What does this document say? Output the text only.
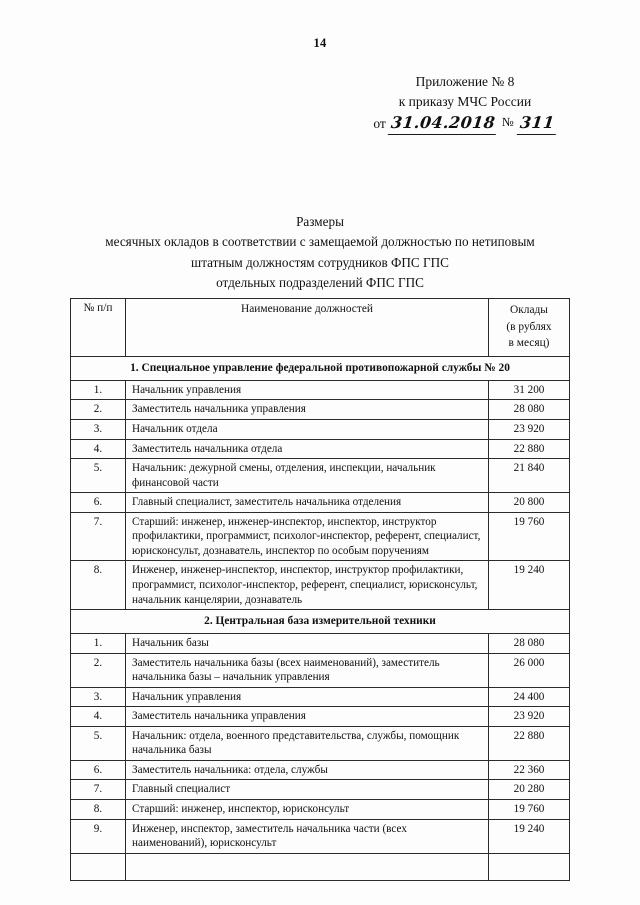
14
Приложение № 8
к приказу МЧС России
от 31.04.2018 № 311
Размеры
месячных окладов в соответствии с замещаемой должностью по нетиповым
штатным должностям сотрудников ФПС ГПС
отдельных подразделений ФПС ГПС
№ п/п	Наименование должностей	Оклады
(в рублях
в месяц)

1. Специальное управление федеральной противопожарной службы № 20		
1.	Начальник управления	31 200
2.	Заместитель начальника управления	28 080
3.	Начальник отдела	23 920
4.	Заместитель начальника отдела	22 880
5.	Начальник: дежурной смены, отделения, инспекции, начальник финансовой части	21 840
6.	Главный специалист, заместитель начальника отделения	20 800
7.	Старший: инженер, инженер-инспектор, инспектор, инструктор профилактики, программист, психолог-инспектор, референт, специалист, юрисконсульт, дознаватель, инспектор по особым поручениям	19 760
8.	Инженер, инженер-инспектор, инспектор, инструктор профилактики, программист, психолог-инспектор, референт, специалист, юрисконсульт, начальник канцелярии, дознаватель	19 240
2. Центральная база измерительной техники		
1.	Начальник базы	28 080
2.	Заместитель начальника базы (всех наименований), заместитель начальника базы – начальник управления	26 000
3.	Начальник управления	24 400
4.	Заместитель начальника управления	23 920
5.	Начальник: отдела, военного представительства, службы, помощник начальника базы	22 880
6.	Заместитель начальника: отдела, службы	22 360
7.	Главный специалист	20 280
8.	Старший: инженер, инспектор, юрисконсульт	19 760
9.	Инженер, инспектор, заместитель начальника части (всех наименований), юрисконсульт	19 240
